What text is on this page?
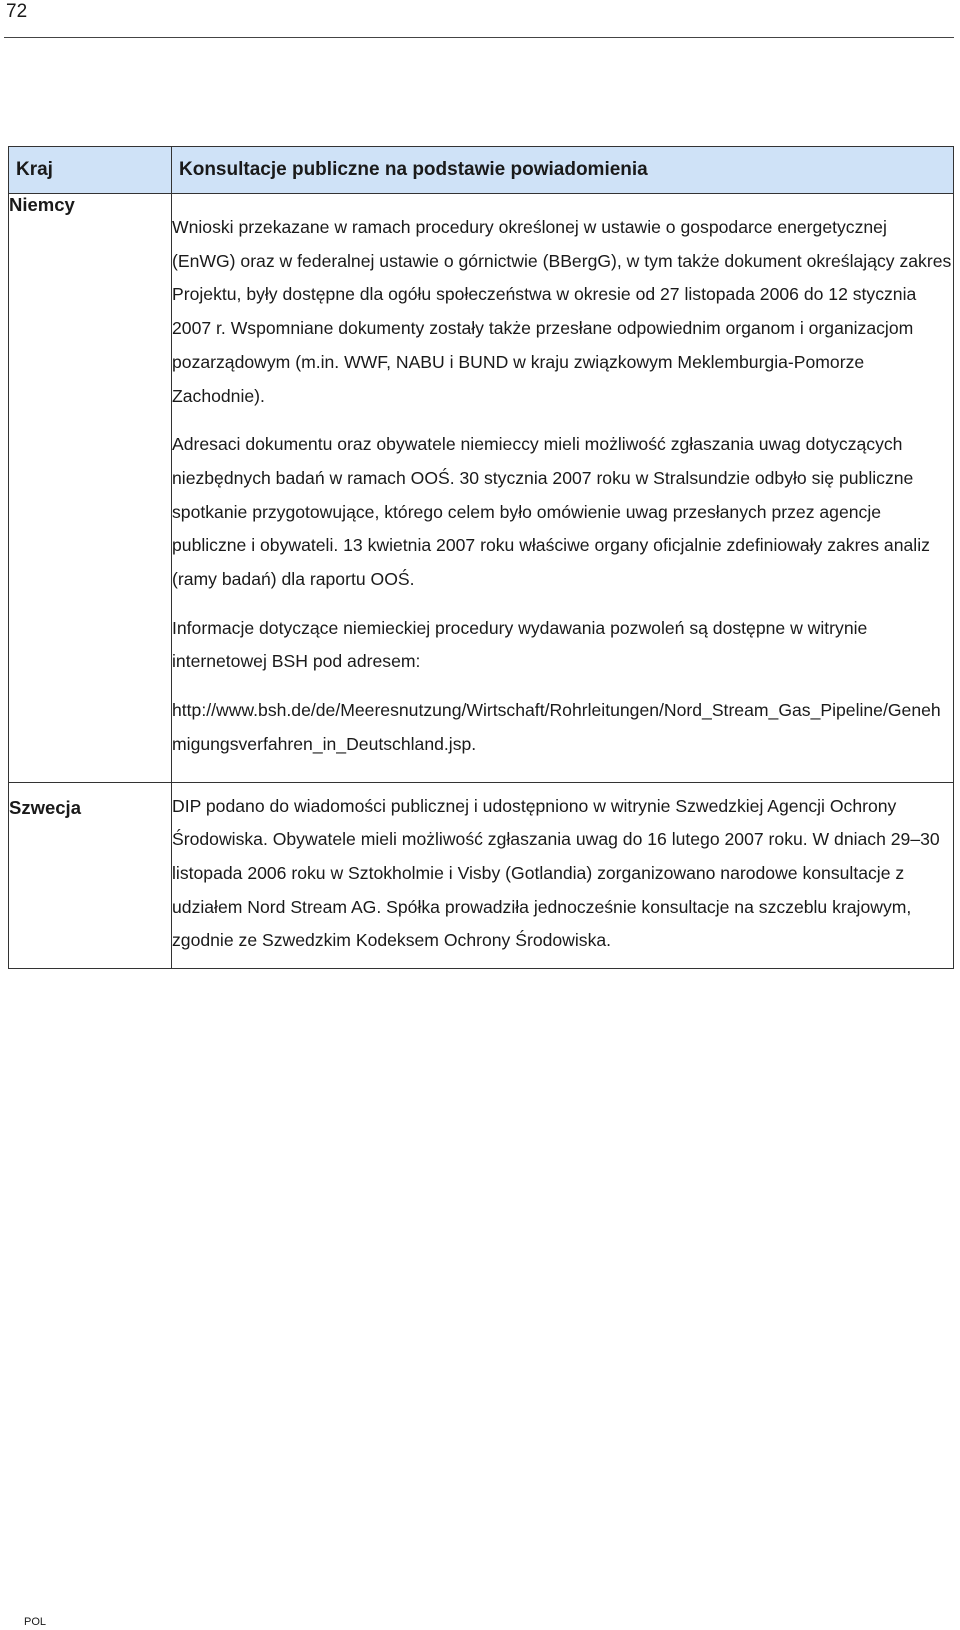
72
Kraj	Konsultacje publiczne na podstawie powiadomienia
Niemcy	Wnioski przekazane w ramach procedury określonej w ustawie o gospodarce energetycznej (EnWG) oraz w federalnej ustawie o górnictwie (BBergG), w tym także dokument określający zakres Projektu, były dostępne dla ogółu społeczeństwa w okresie od 27 listopada 2006 do 12 stycznia 2007 r. Wspomniane dokumenty zostały także przesłane odpowiednim organom i organizacjom pozarządowym (m.in. WWF, NABU i BUND w kraju związkowym Meklemburgia-Pomorze Zachodnie).

Adresaci dokumentu oraz obywatele niemieccy mieli możliwość zgłaszania uwag dotyczących niezbędnych badań w ramach OOŚ. 30 stycznia 2007 roku w Stralsundzie odbyło się publiczne spotkanie przygotowujące, którego celem było omówienie uwag przesłanych przez agencje publiczne i obywateli. 13 kwietnia 2007 roku właściwe organy oficjalnie zdefiniowały zakres analiz (ramy badań) dla raportu OOŚ.

Informacje dotyczące niemieckiej procedury wydawania pozwoleń są dostępne w witrynie internetowej BSH pod adresem:

http://www.bsh.de/de/Meeresnutzung/Wirtschaft/Rohrleitungen/Nord_Stream_Gas_Pipeline/Genehmigungsverfahren_in_Deutschland.jsp.

Szwecja	DIP podano do wiadomości publicznej i udostępniono w witrynie Szwedzkiej Agencji Ochrony Środowiska. Obywatele mieli możliwość zgłaszania uwag do 16 lutego 2007 roku. W dniach 29–30 listopada 2006 roku w Sztokholmie i Visby (Gotlandia) zorganizowano narodowe konsultacje z udziałem Nord Stream AG. Spółka prowadziła jednocześnie konsultacje na szczeblu krajowym, zgodnie ze Szwedzkim Kodeksem Ochrony Środowiska.

POL
